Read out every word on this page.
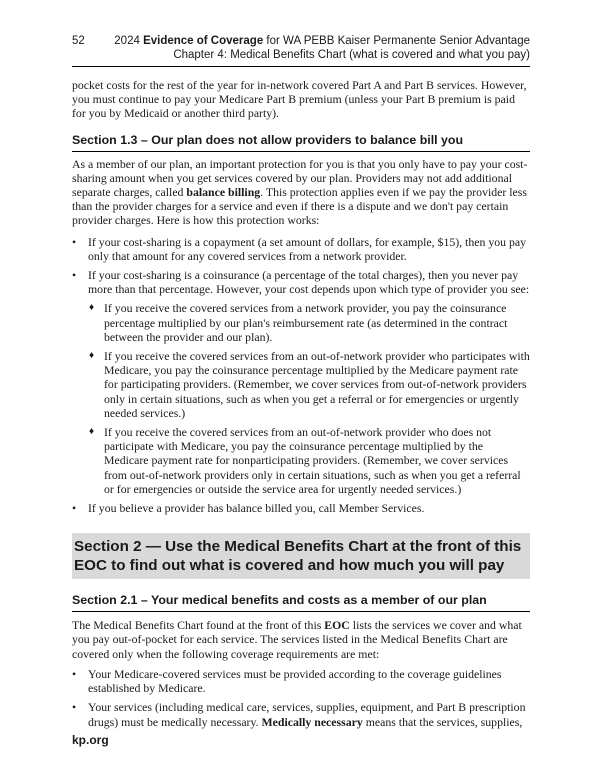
52	2024 Evidence of Coverage for WA PEBB Kaiser Permanente Senior Advantage
Chapter 4: Medical Benefits Chart (what is covered and what you pay)

pocket costs for the rest of the year for in-network covered Part A and Part B services. However, you must continue to pay your Medicare Part B premium (unless your Part B premium is paid for you by Medicaid or another third party).

Section 1.3 – Our plan does not allow providers to balance bill you

As a member of our plan, an important protection for you is that you only have to pay your cost-sharing amount when you get services covered by our plan. Providers may not add additional separate charges, called balance billing. This protection applies even if we pay the provider less than the provider charges for a service and even if there is a dispute and we don't pay certain provider charges. Here is how this protection works:

• If your cost-sharing is a copayment (a set amount of dollars, for example, $15), then you pay only that amount for any covered services from a network provider.
• If your cost-sharing is a coinsurance (a percentage of the total charges), then you never pay more than that percentage. However, your cost depends upon which type of provider you see:
♦ If you receive the covered services from a network provider, you pay the coinsurance percentage multiplied by our plan's reimbursement rate (as determined in the contract between the provider and our plan).
♦ If you receive the covered services from an out-of-network provider who participates with Medicare, you pay the coinsurance percentage multiplied by the Medicare payment rate for participating providers. (Remember, we cover services from out-of-network providers only in certain situations, such as when you get a referral or for emergencies or urgently needed services.)
♦ If you receive the covered services from an out-of-network provider who does not participate with Medicare, you pay the coinsurance percentage multiplied by the Medicare payment rate for nonparticipating providers. (Remember, we cover services from out-of-network providers only in certain situations, such as when you get a referral or for emergencies or outside the service area for urgently needed services.)
• If you believe a provider has balance billed you, call Member Services.
Section 2 — Use the Medical Benefits Chart at the front of this EOC to find out what is covered and how much you will pay
Section 2.1 – Your medical benefits and costs as a member of our plan

The Medical Benefits Chart found at the front of this EOC lists the services we cover and what you pay out-of-pocket for each service. The services listed in the Medical Benefits Chart are covered only when the following coverage requirements are met:

• Your Medicare-covered services must be provided according to the coverage guidelines established by Medicare.
• Your services (including medical care, services, supplies, equipment, and Part B prescription drugs) must be medically necessary. Medically necessary means that the services, supplies,
kp.org
